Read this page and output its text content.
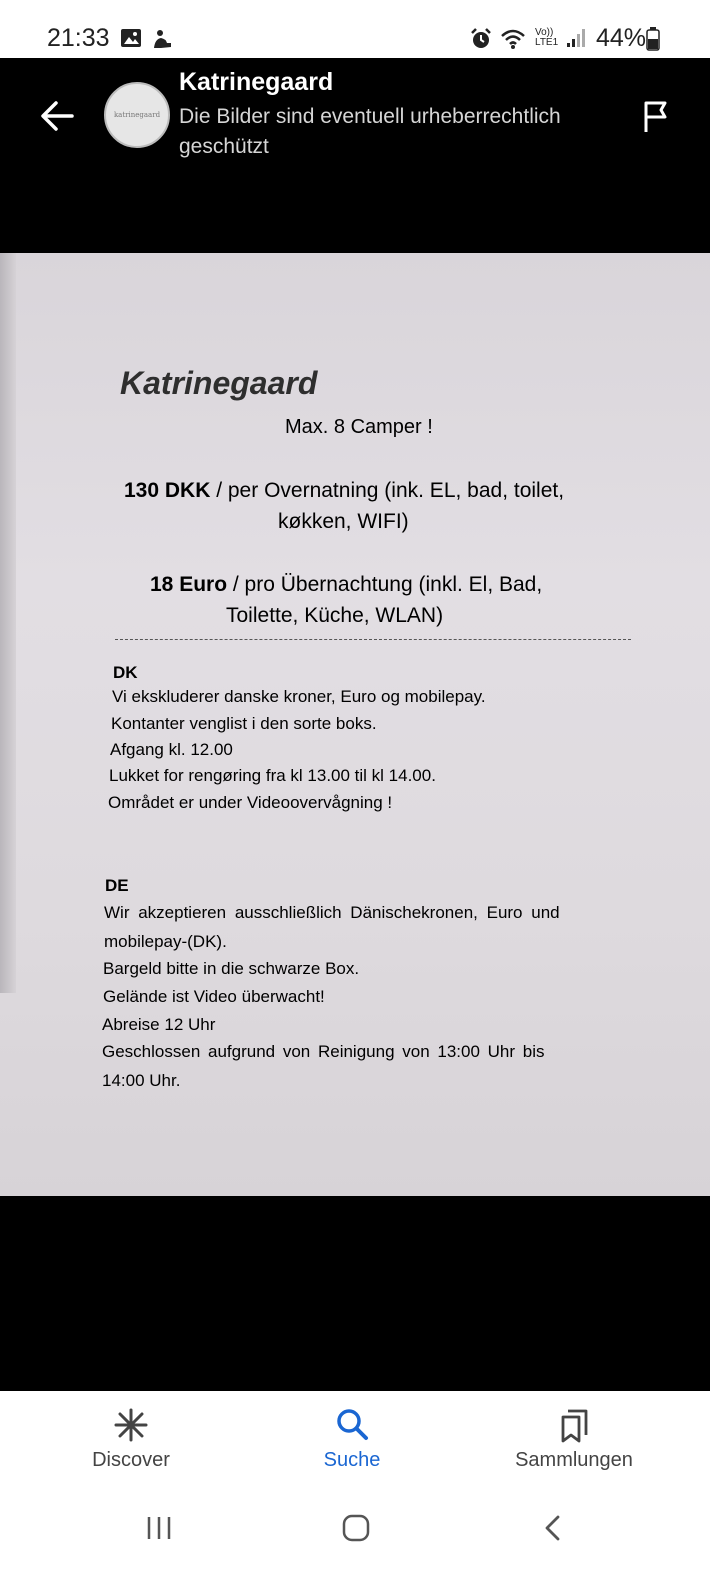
21:33	Vo)) LTE1 44%
katrinegaard
Katrinegaard
Die Bilder sind eventuell urheberrechtlich geschützt
Katrinegaard
Max. 8 Camper !
130 DKK / per Overnatning (ink. EL, bad, toilet,
køkken, WIFI)
18 Euro / pro Übernachtung (inkl. El, Bad,
Toilette, Küche, WLAN)
DK
Vi ekskluderer danske kroner, Euro og mobilepay.
Kontanter venglist i den sorte boks.
Afgang kl. 12.00
Lukket for rengøring fra kl 13.00 til kl 14.00.
Området er under Videoovervågning !
DE
Wir akzeptieren ausschließlich Dänischekronen, Euro und
mobilepay-(DK).
Bargeld bitte in die schwarze Box.
Gelände ist Video überwacht!
Abreise 12 Uhr
Geschlossen aufgrund von Reinigung von 13:00 Uhr bis
14:00 Uhr.
Discover	Suche	Sammlungen
